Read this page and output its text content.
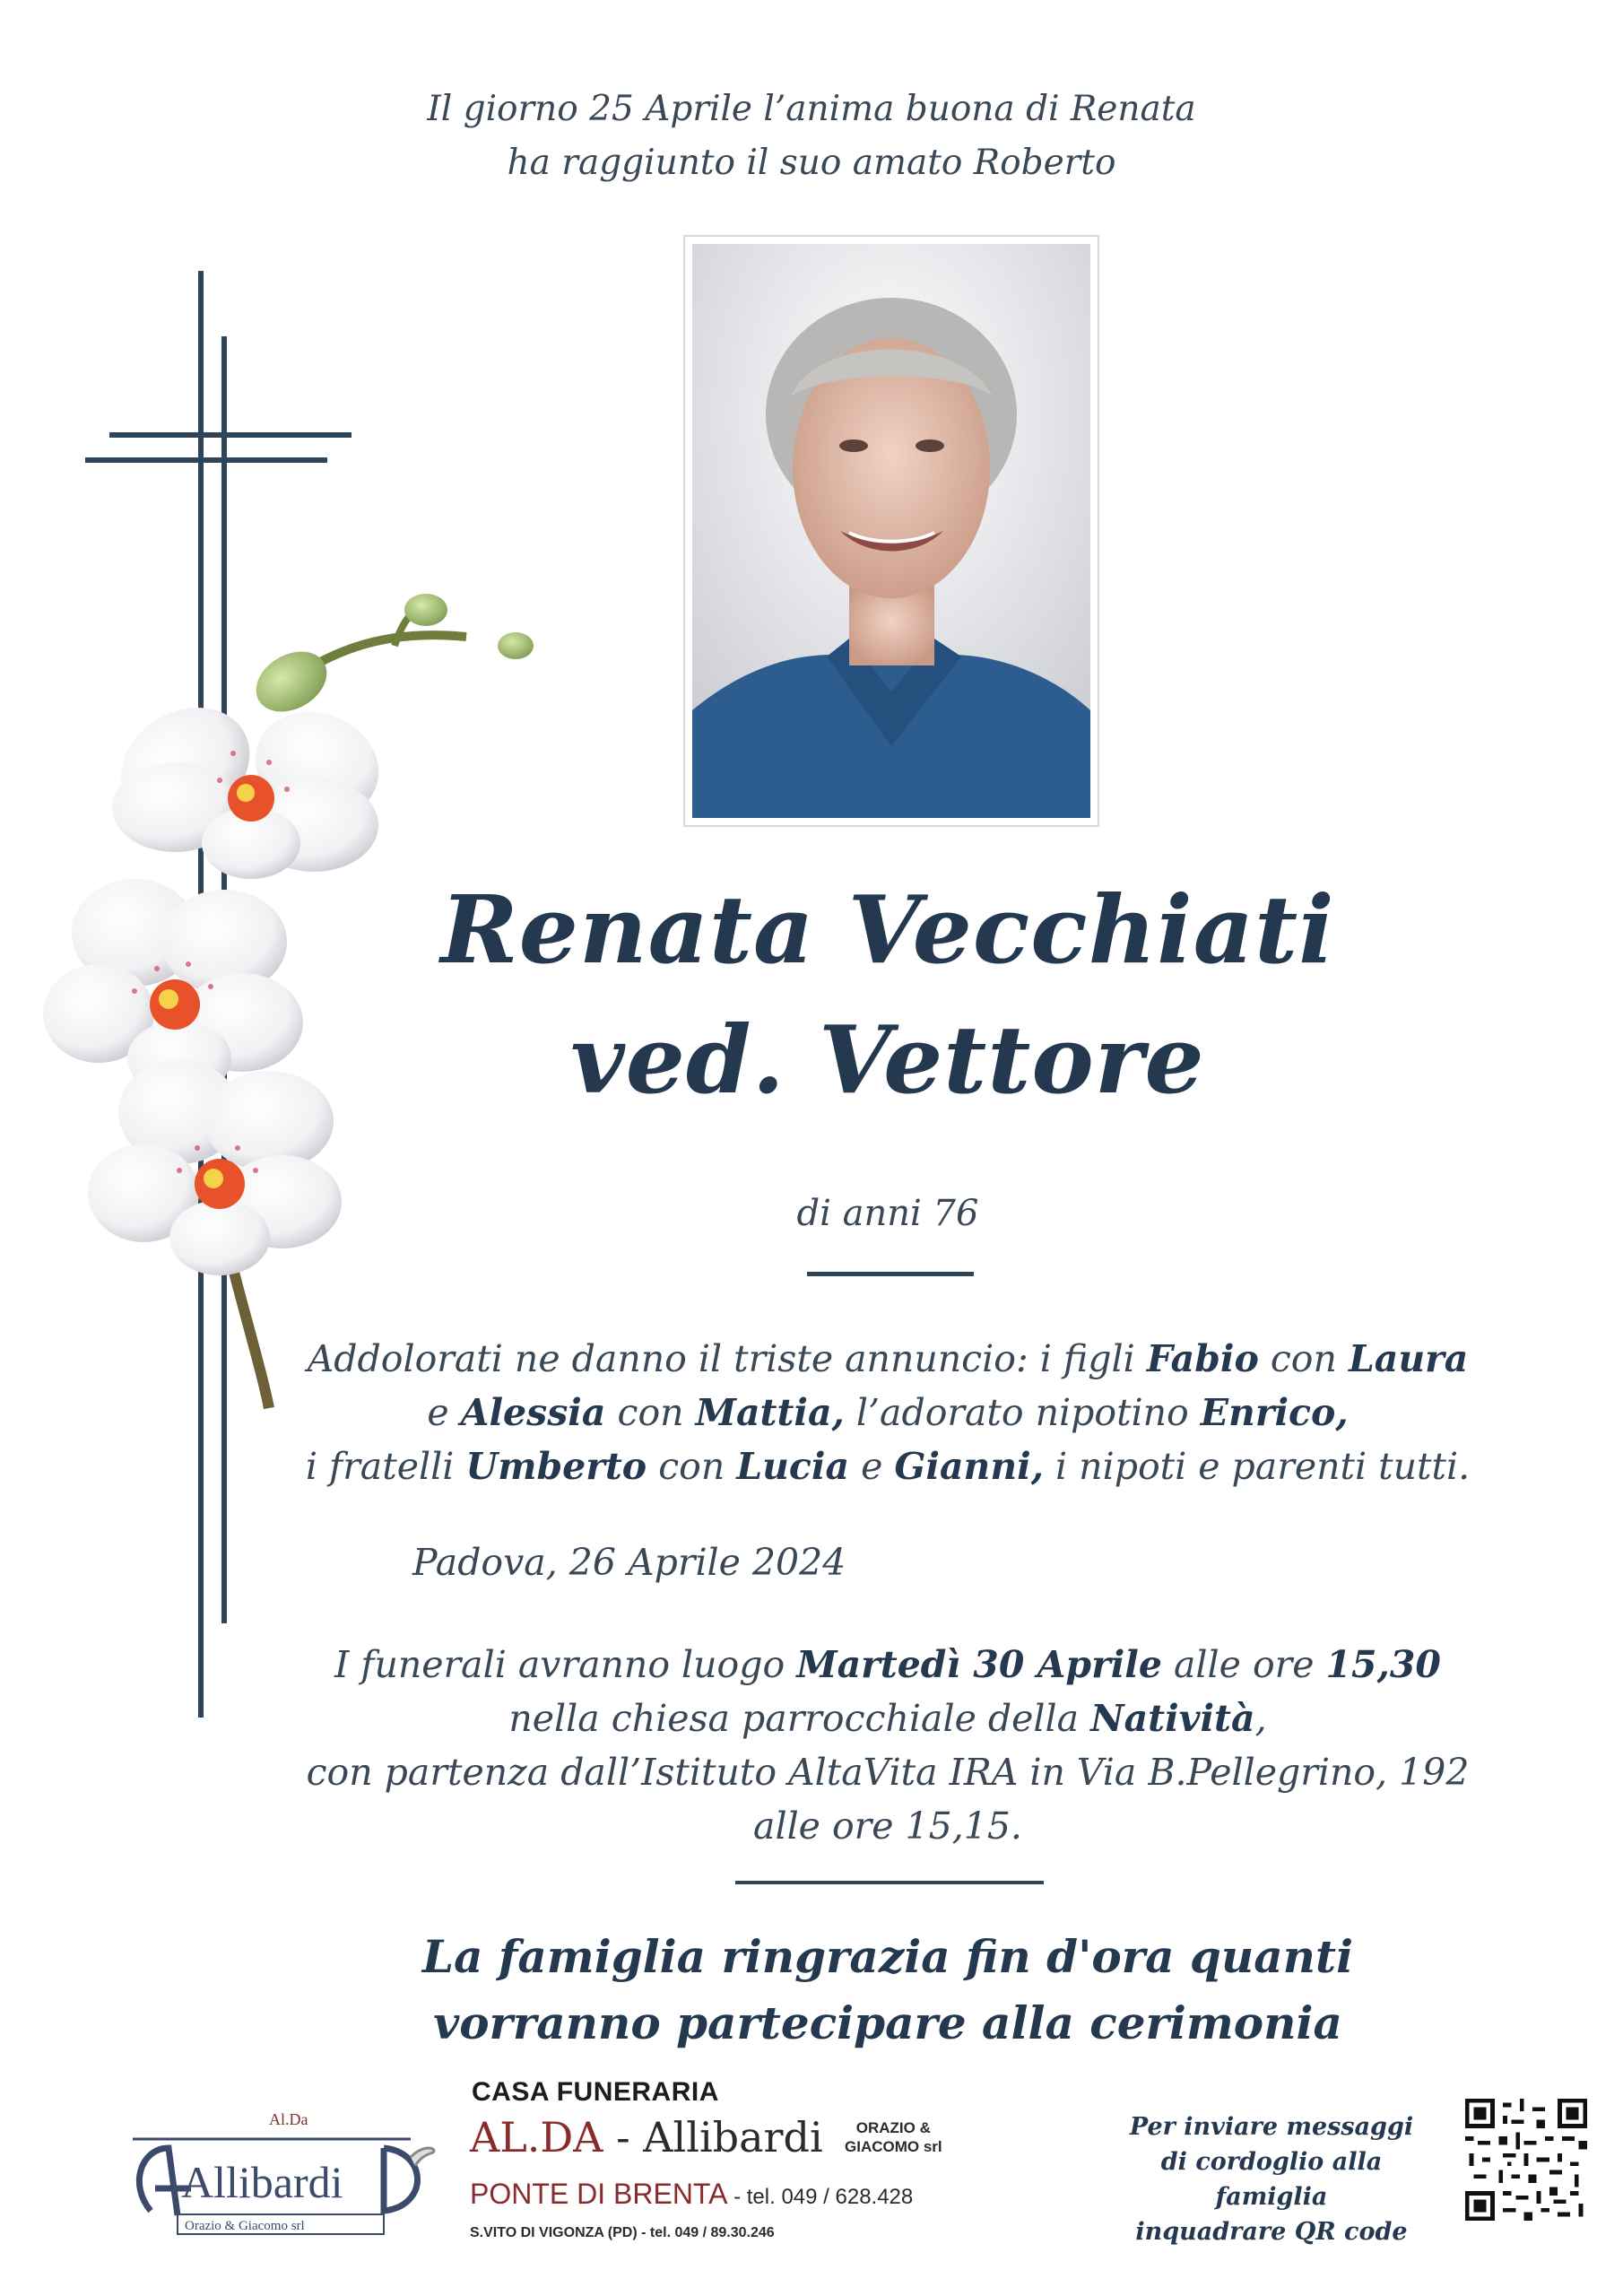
Il giorno 25 Aprile l’anima buona di Renata
ha raggiunto il suo amato Roberto
Renata Vecchiati
ved. Vettore
di anni 76
Addolorati ne danno il triste annuncio: i figli Fabio con Laura
e Alessia con Mattia, l’adorato nipotino Enrico,
i fratelli Umberto con Lucia e Gianni, i nipoti e parenti tutti.
Padova, 26 Aprile 2024
I funerali avranno luogo Martedì 30 Aprile alle ore 15,30
nella chiesa parrocchiale della Natività,
con partenza dall’Istituto AltaVita IRA in Via B.Pellegrino, 192
alle ore 15,15.
La famiglia ringrazia fin d'ora quanti
vorranno partecipare alla cerimonia
Al.Da
Allibardi
Orazio & Giacomo srl
CASA FUNERARIA
AL.DA - Allibardi	ORAZIO &
GIACOMO srl
PONTE DI BRENTA - tel. 049 / 628.428
S.VITO DI VIGONZA (PD) - tel. 049 / 89.30.246
Per inviare messaggi
di cordoglio alla famiglia
inquadrare QR code
